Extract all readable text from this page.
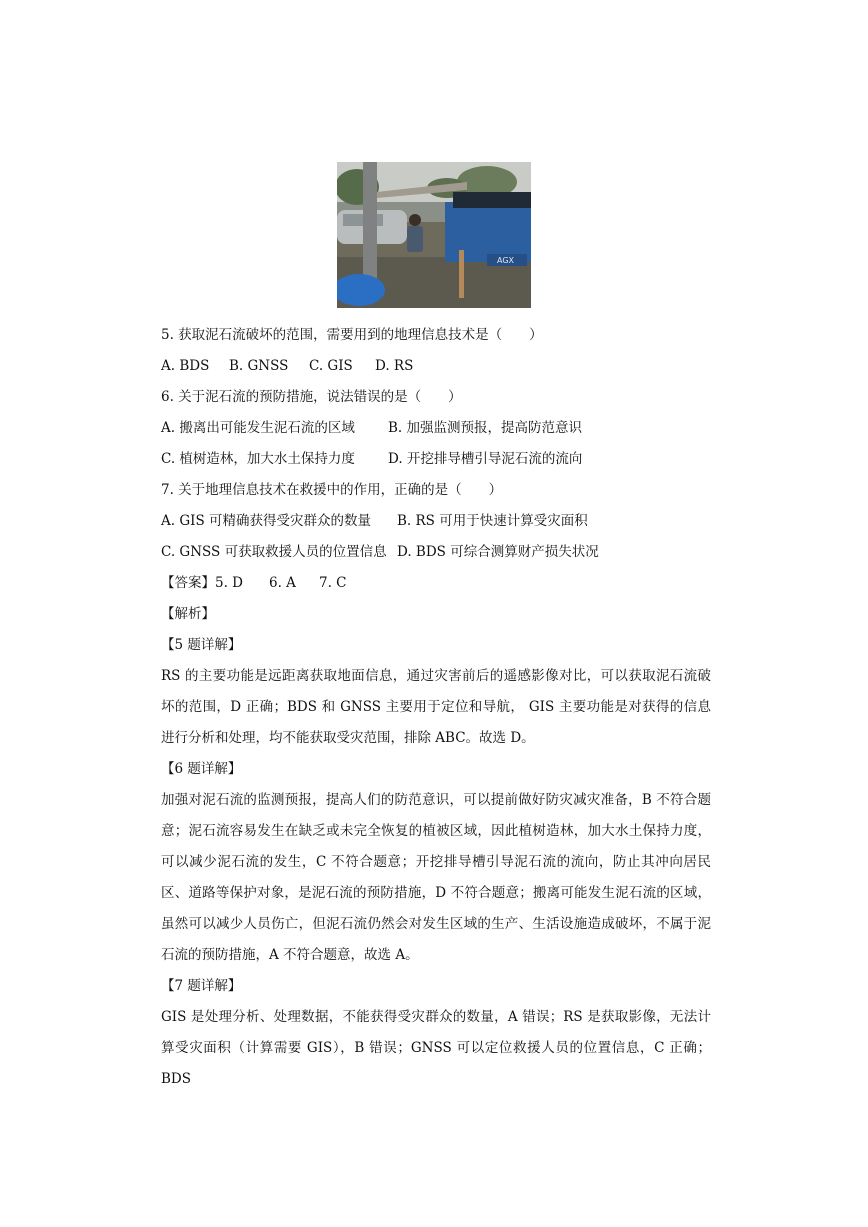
AGX
5. 获取泥石流破坏的范围，需要用到的地理信息技术是（　　）
A. BDS B. GNSS C. GIS D. RS
6. 关于泥石流的预防措施，说法错误的是（　　）
A. 搬离出可能发生泥石流的区域 B. 加强监测预报，提高防范意识
C. 植树造林，加大水土保持力度 D. 开挖排导槽引导泥石流的流向
7. 关于地理信息技术在救援中的作用，正确的是（　　）
A. GIS 可精确获得受灾群众的数量 B. RS 可用于快速计算受灾面积
C. GNSS 可获取救援人员的位置信息 D. BDS 可综合测算财产损失状况
【答案】5. D 6. A 7. C
【解析】
【5 题详解】
RS 的主要功能是远距离获取地面信息，通过灾害前后的遥感影像对比，可以获取泥石流破坏的范围，D 正确；BDS 和 GNSS 主要用于定位和导航， GIS 主要功能是对获得的信息进行分析和处理，均不能获取受灾范围，排除 ABC。故选 D。
【6 题详解】
加强对泥石流的监测预报，提高人们的防范意识，可以提前做好防灾减灾准备，B 不符合题意；泥石流容易发生在缺乏或未完全恢复的植被区域，因此植树造林，加大水土保持力度，可以减少泥石流的发生，C 不符合题意；开挖排导槽引导泥石流的流向，防止其冲向居民区、道路等保护对象，是泥石流的预防措施，D 不符合题意；搬离可能发生泥石流的区域，虽然可以减少人员伤亡，但泥石流仍然会对发生区域的生产、生活设施造成破坏，不属于泥石流的预防措施，A 不符合题意，故选 A。
【7 题详解】
GIS 是处理分析、处理数据，不能获得受灾群众的数量，A 错误；RS 是获取影像，无法计算受灾面积（计算需要 GIS），B 错误；GNSS 可以定位救援人员的位置信息，C 正确；BDS
